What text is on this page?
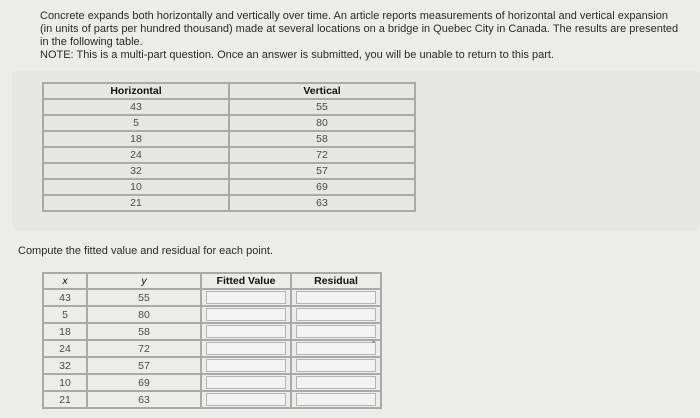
Concrete expands both horizontally and vertically over time. An article reports measurements of horizontal and vertical expansion (in units of parts per hundred thousand) made at several locations on a bridge in Quebec City in Canada. The results are presented in the following table.

NOTE: This is a multi-part question. Once an answer is submitted, you will be unable to return to this part.

Horizontal	Vertical
43	55
5	80
18	58
24	72
32	57
10	69
21	63
Compute the fitted value and residual for each point.
x	y	Fitted Value	Residual
43	55	

5	80	

18	58	

24	72	

32	57	

10	69	

21	63	
